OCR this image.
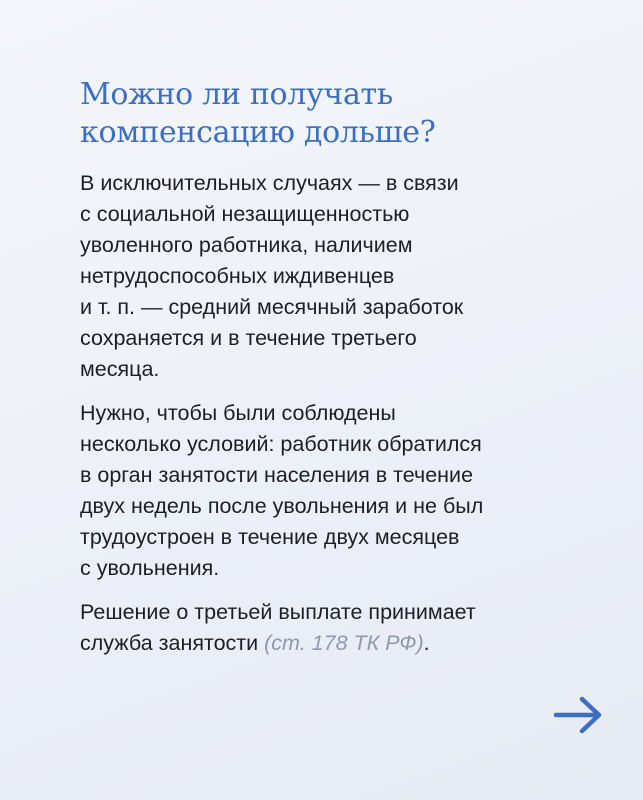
Можно ли получать
компенсацию дольше?

В исключительных случаях — в связи
с социальной незащищенностью
уволенного работника, наличием
нетрудоспособных иждивенцев
и т. п. — средний месячный заработок
сохраняется и в течение третьего
месяца.

Нужно, чтобы были соблюдены
несколько условий: работник обратился
в орган занятости населения в течение
двух недель после увольнения и не был
трудоустроен в течение двух месяцев
с увольнения.

Решение о третьей выплате принимает
служба занятости (ст. 178 ТК РФ).
